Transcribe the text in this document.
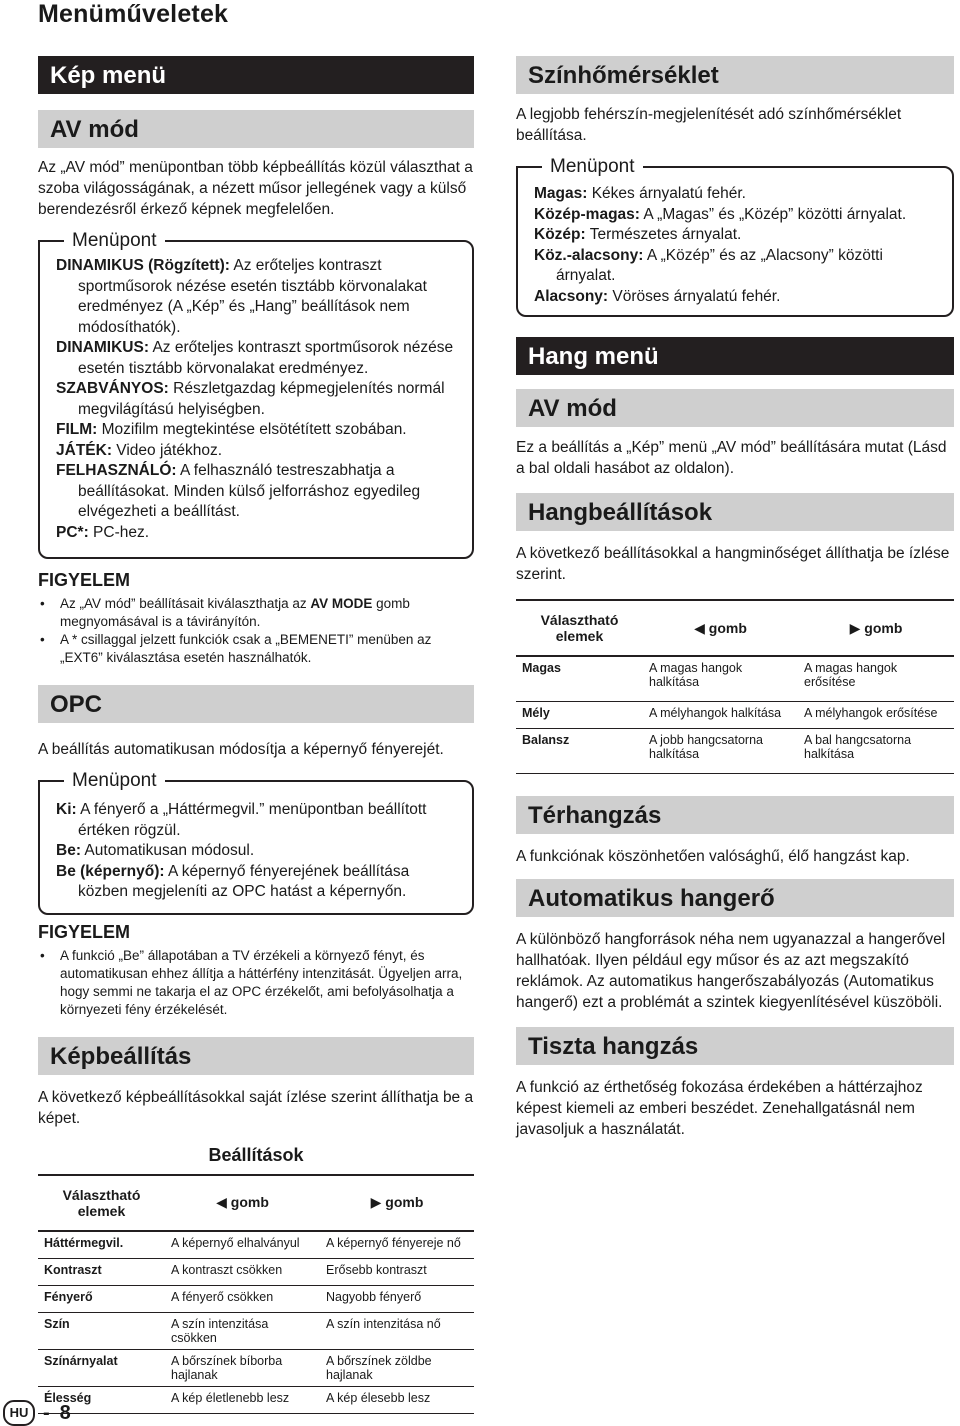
Menüműveletek
Kép menü
AV mód
Az „AV mód” menüpontban több képbeállítás közül választhat a szoba világosságának, a nézett műsor jellegének vagy a külső berendezésről érkező képnek megfelelően.
Menüpont
DINAMIKUS (Rögzített): Az erőteljes kontraszt sportműsorok nézése esetén tisztább körvonalakat eredményez (A „Kép” és „Hang” beállítások nem módosíthatók).
DINAMIKUS: Az erőteljes kontraszt sportműsorok nézése esetén tisztább körvonalakat eredményez.
SZABVÁNYOS: Részletgazdag képmegjelenítés normál megvilágítású helyiségben.
FILM: Mozifilm megtekintése elsötétített szobában.
JÁTÉK: Video játékhoz.
FELHASZNÁLÓ: A felhasználó testreszabhatja a beállításokat. Minden külső jelforráshoz egyedileg elvégezheti a beállítást.
PC*: PC-hez.
FIGYELEM
• Az „AV mód” beállításait kiválaszthatja az AV MODE gomb megnyomásával is a távirányítón.
• A * csillaggal jelzett funkciók csak a „BEMENETI” menüben az „EXT6” kiválasztása esetén használhatók.
OPC
A beállítás automatikusan módosítja a képernyő fényerejét.
Menüpont
Ki: A fényerő a „Háttérmegvil.” menüpontban beállított értéken rögzül.
Be: Automatikusan módosul.
Be (képernyő): A képernyő fényerejének beállítása közben megjeleníti az OPC hatást a képernyőn.
FIGYELEM
• A funkció „Be” állapotában a TV érzékeli a környező fényt, és automatikusan ehhez állítja a háttérfény intenzitását. Ügyeljen arra, hogy semmi ne takarja el az OPC érzékelőt, ami befolyásolhatja a környezeti fény érzékelését.
Képbeállítás
A következő képbeállításokkal saját ízlése szerint állíthatja be a képet.
Beállítások
Választható elemek	◀ gomb	▶ gomb
Háttérmegvil.	A képernyő elhalványul	A képernyő fényereje nő
Kontraszt	A kontraszt csökken	Erősebb kontraszt
Fényerő	A fényerő csökken	Nagyobb fényerő
Szín	A szín intenzitása csökken	A szín intenzitása nő
Színárnyalat	A bőrszínek bíborba hajlanak	A bőrszínek zöldbe hajlanak
Élesség	A kép életlenebb lesz	A kép élesebb lesz
Színhőmérséklet
A legjobb fehérszín-megjelenítését adó színhőmérséklet beállítása.
Menüpont
Magas: Kékes árnyalatú fehér.
Közép-magas: A „Magas” és „Közép” közötti árnyalat.
Közép: Természetes árnyalat.
Köz.-alacsony: A „Közép” és az „Alacsony” közötti árnyalat.
Alacsony: Vöröses árnyalatú fehér.
Hang menü
AV mód
Ez a beállítás a „Kép” menü „AV mód” beállítására mutat (Lásd a bal oldali hasábot az oldalon).
Hangbeállítások
A következő beállításokkal a hangminőséget állíthatja be ízlése szerint.
Választható elemek	◀ gomb	▶ gomb
Magas	A magas hangok halkítása	A magas hangok erősítése
Mély	A mélyhangok halkítása	A mélyhangok erősítése
Balansz	A jobb hangcsatorna halkítása	A bal hangcsatorna halkítása
Térhangzás
A funkciónak köszönhetően valósághű, élő hangzást kap.
Automatikus hangerő
A különböző hangforrások néha nem ugyanazzal a hangerővel hallhatóak. Ilyen például egy műsor és az azt megszakító reklámok. Az automatikus hangerőszabályozás (Automatikus hangerő) ezt a problémát a szintek kiegyenlítésével küszöböli.
Tiszta hangzás
A funkció az érthetőség fokozása érdekében a háttérzajhoz képest kiemeli az emberi beszédet. Zenehallgatásnál nem javasoljuk a használatát.
HU - 8
